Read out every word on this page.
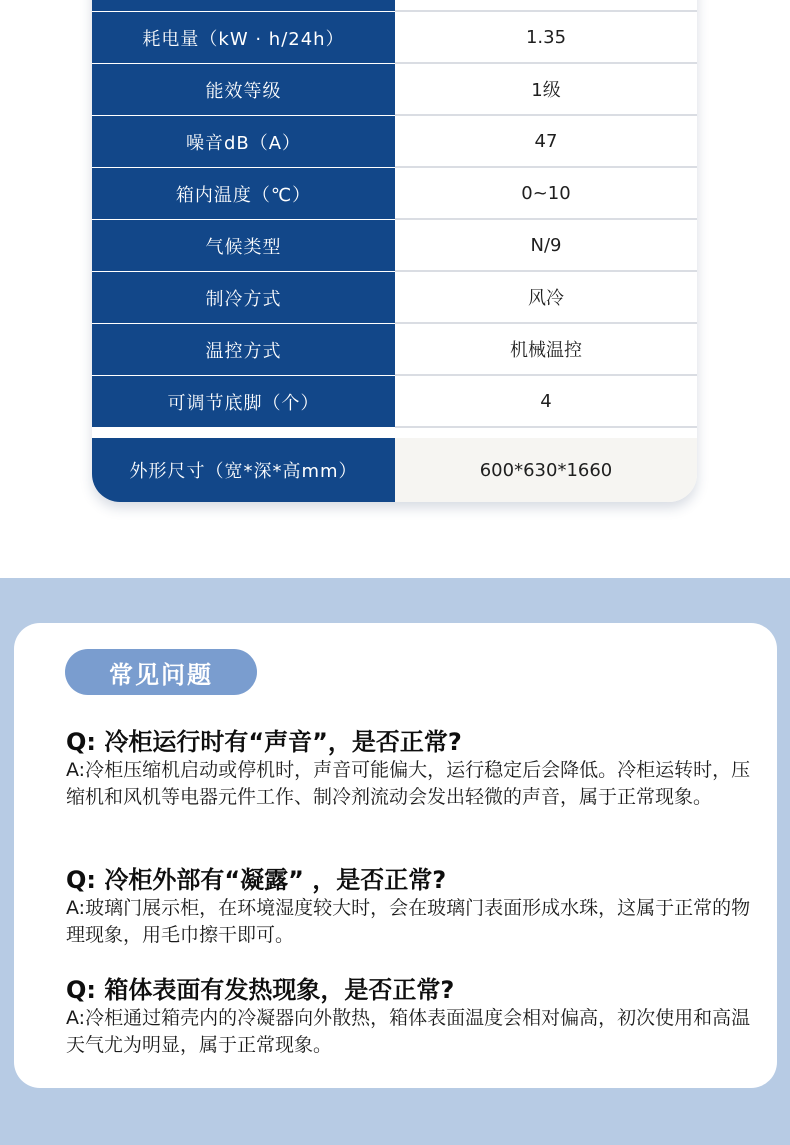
耗电量（kW · h/24h）	1.35
能效等级	1级
噪音dB（A）	47
箱内温度（℃）	0~10
气候类型	N/9
制冷方式	风冷
温控方式	机械温控
可调节底脚（个）	4
外形尺寸（宽*深*高mm）	600*630*1660
常见问题
Q: 冷柜运行时有“声音”，是否正常?
A:冷柜压缩机启动或停机时，声音可能偏大，运行稳定后会降低。冷柜运转时，压缩机和风机等电器元件工作、制冷剂流动会发出轻微的声音，属于正常现象。
Q: 冷柜外部有“凝露” ，是否正常?
A:玻璃门展示柜，在环境湿度较大时，会在玻璃门表面形成水珠，这属于正常的物理现象，用毛巾擦干即可。
Q: 箱体表面有发热现象，是否正常?
A:冷柜通过箱壳内的冷凝器向外散热，箱体表面温度会相对偏高，初次使用和高温天气尤为明显，属于正常现象。
